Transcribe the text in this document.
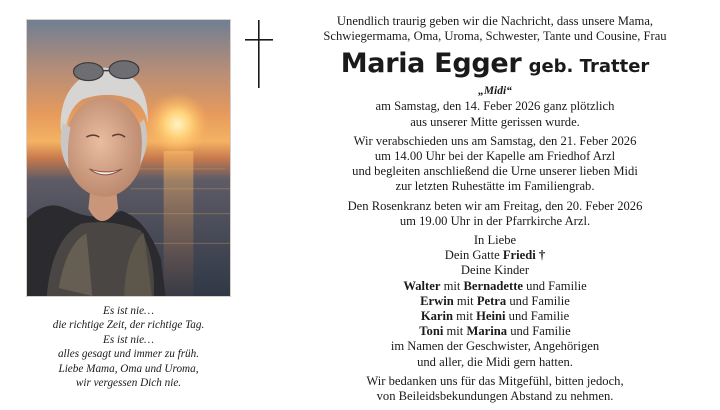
Es ist nie…
die richtige Zeit, der richtige Tag.
Es ist nie…
alles gesagt und immer zu früh.
Liebe Mama, Oma und Uroma,
wir vergessen Dich nie.
Unendlich traurig geben wir die Nachricht, dass unsere Mama,
Schwiegermama, Oma, Uroma, Schwester, Tante und Cousine, Frau
Maria Egger geb. Tratter
„Midi“
am Samstag, den 14. Feber 2026 ganz plötzlich
aus unserer Mitte gerissen wurde.
Wir verabschieden uns am Samstag, den 21. Feber 2026
um 14.00 Uhr bei der Kapelle am Friedhof Arzl
und begleiten anschließend die Urne unserer lieben Midi
zur letzten Ruhestätte im Familiengrab.
Den Rosenkranz beten wir am Freitag, den 20. Feber 2026
um 19.00 Uhr in der Pfarrkirche Arzl.
In Liebe
Dein Gatte Friedi †
Deine Kinder
Walter mit Bernadette und Familie
Erwin mit Petra und Familie
Karin mit Heini und Familie
Toni mit Marina und Familie
im Namen der Geschwister, Angehörigen
und aller, die Midi gern hatten.
Wir bedanken uns für das Mitgefühl, bitten jedoch,
von Beileidsbekundungen Abstand zu nehmen.
